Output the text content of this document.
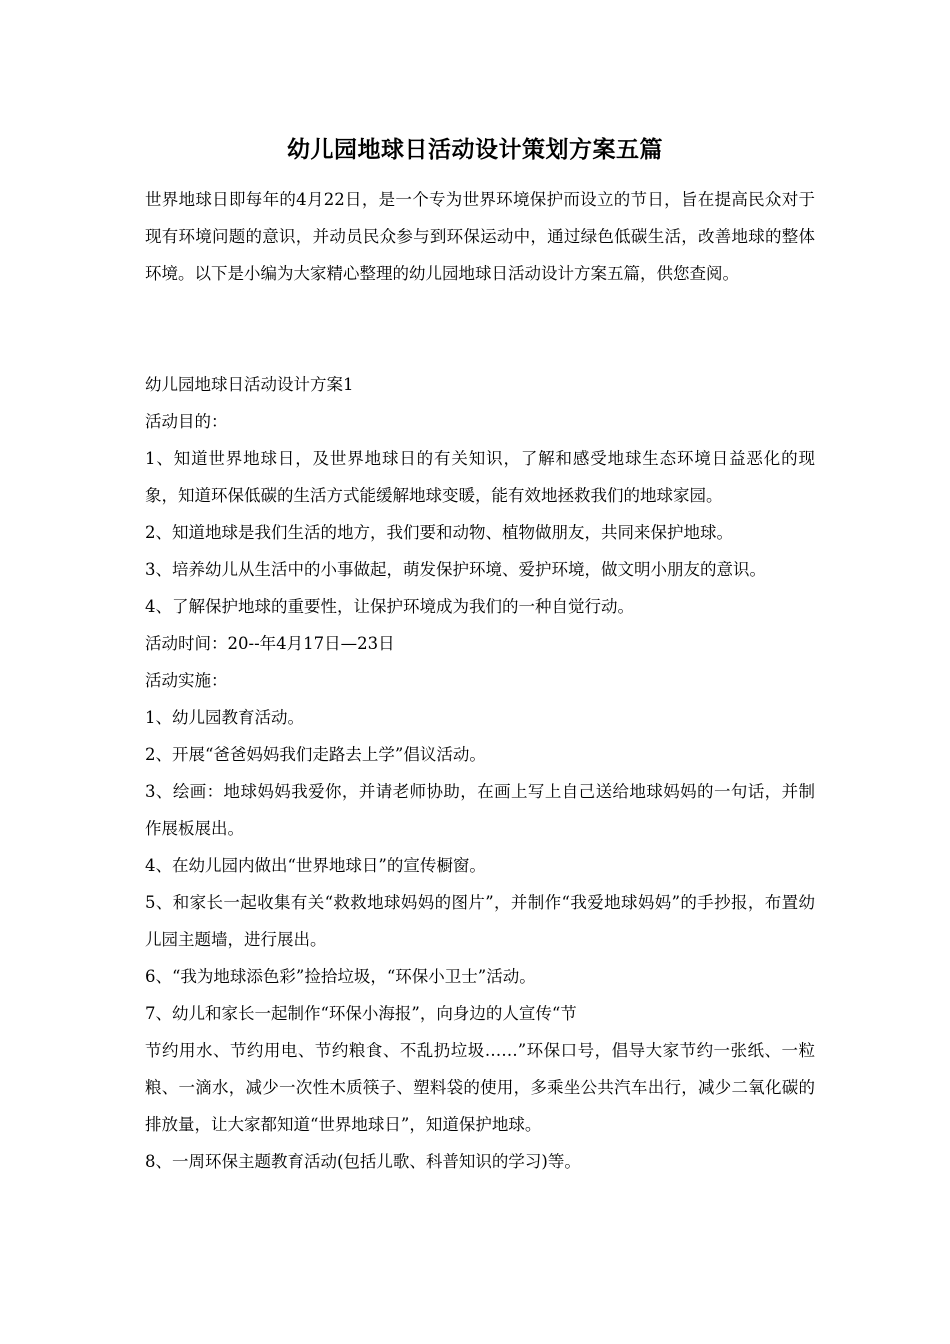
幼儿园地球日活动设计策划方案五篇

世界地球日即每年的4月22日，是一个专为世界环境保护而设立的节日，旨在提高民众对于现有环境问题的意识，并动员民众参与到环保运动中，通过绿色低碳生活，改善地球的整体环境。以下是小编为大家精心整理的幼儿园地球日活动设计方案五篇，供您查阅。

幼儿园地球日活动设计方案1
活动目的：
1、知道世界地球日，及世界地球日的有关知识，了解和感受地球生态环境日益恶化的现象，知道环保低碳的生活方式能缓解地球变暖，能有效地拯救我们的地球家园。
2、知道地球是我们生活的地方，我们要和动物、植物做朋友，共同来保护地球。
3、培养幼儿从生活中的小事做起，萌发保护环境、爱护环境，做文明小朋友的意识。
4、了解保护地球的重要性，让保护环境成为我们的一种自觉行动。
活动时间：20--年4月17日—23日
活动实施：
1、幼儿园教育活动。
2、开展“爸爸妈妈我们走路去上学”倡议活动。
3、绘画：地球妈妈我爱你，并请老师协助，在画上写上自己送给地球妈妈的一句话，并制作展板展出。
4、在幼儿园内做出“世界地球日”的宣传橱窗。
5、和家长一起收集有关“救救地球妈妈的图片”，并制作“我爱地球妈妈”的手抄报，布置幼儿园主题墙，进行展出。
6、“我为地球添色彩”捡拾垃圾，“环保小卫士”活动。
7、幼儿和家长一起制作“环保小海报”，向身边的人宣传“节
节约用水、节约用电、节约粮食、不乱扔垃圾……”环保口号，倡导大家节约一张纸、一粒粮、一滴水，减少一次性木质筷子、塑料袋的使用，多乘坐公共汽车出行，减少二氧化碳的排放量，让大家都知道“世界地球日”，知道保护地球。
8、一周环保主题教育活动(包括儿歌、科普知识的学习)等。
